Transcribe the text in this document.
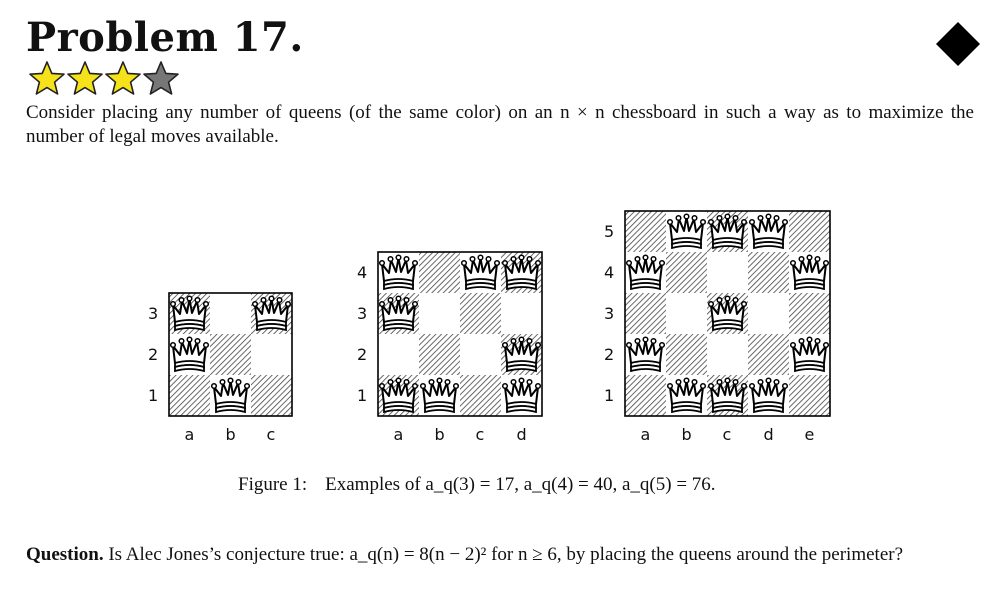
Problem 17.

Consider placing any number of queens (of the same color) on an n × n chessboard in such a way as to maximize the number of legal moves available.

1
2
3
a b c
1
2
3
4
a b c d
1
2
3
4
5
a b c d e
Figure 1: Examples of a_q(3) = 17, a_q(4) = 40, a_q(5) = 76.

Question. Is Alec Jones’s conjecture true: a_q(n) = 8(n − 2)² for n ≥ 6, by placing the queens around the perimeter?
